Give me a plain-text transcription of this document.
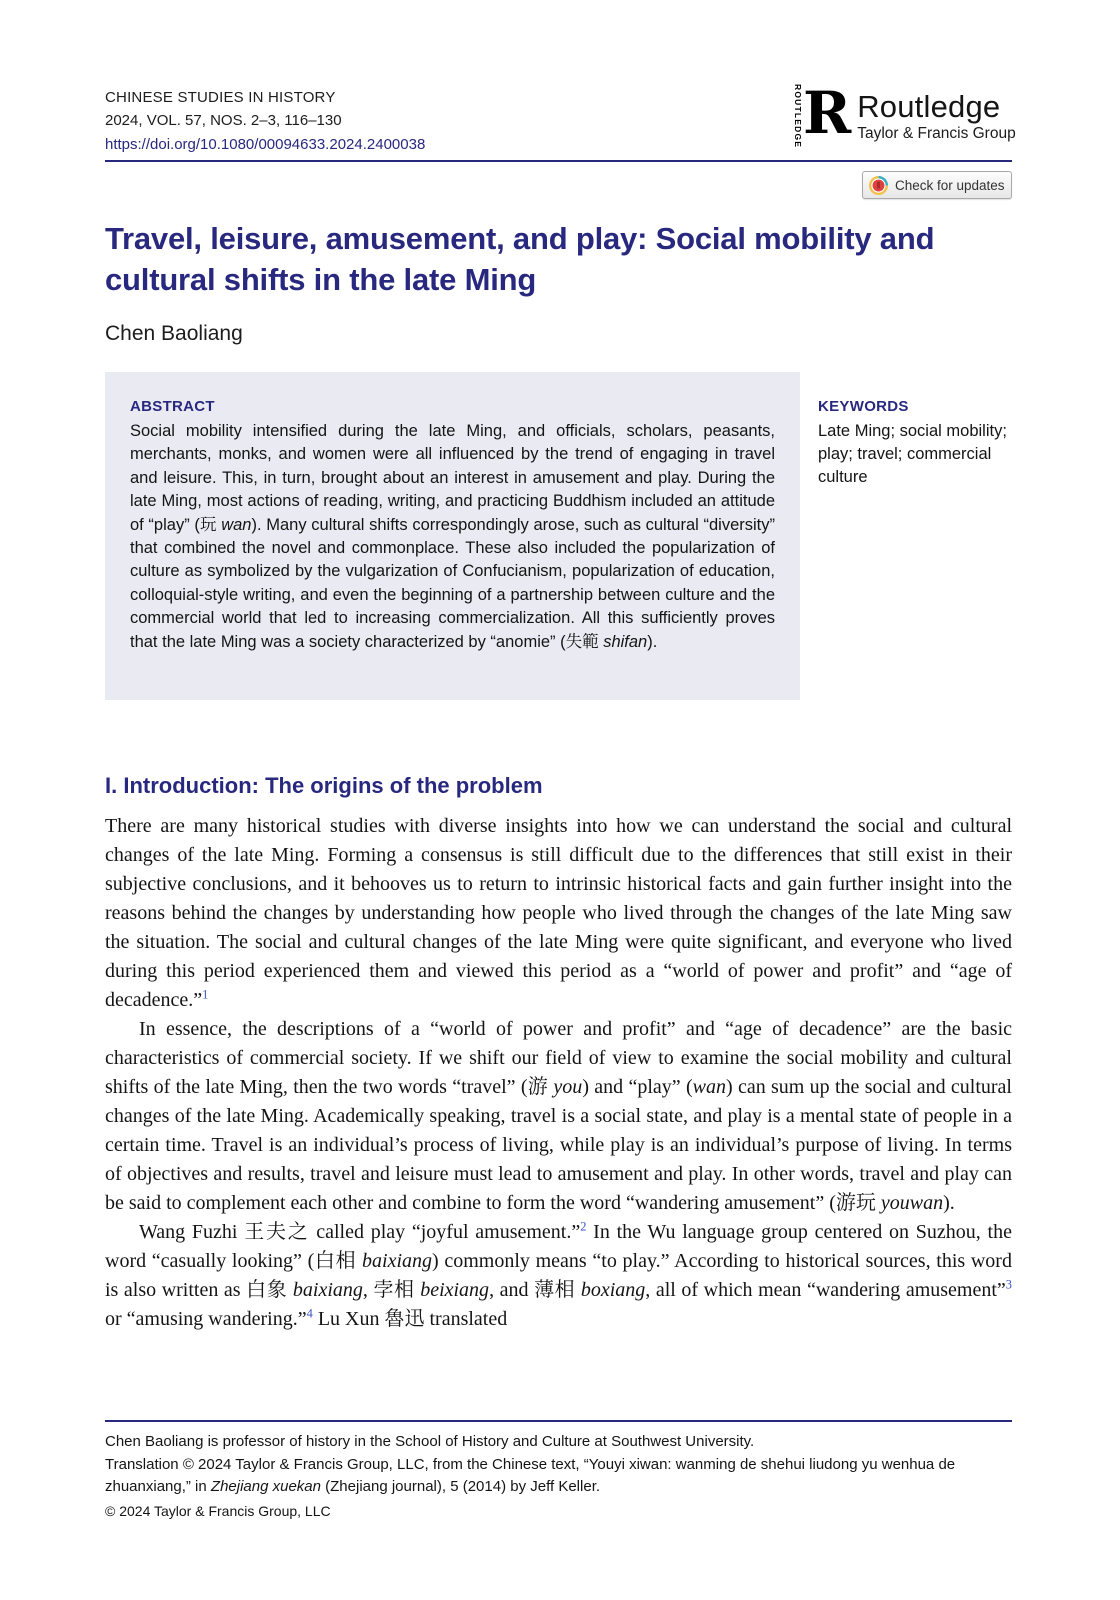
CHINESE STUDIES IN HISTORY
2024, VOL. 57, NOS. 2–3, 116–130
https://doi.org/10.1080/00094633.2024.2400038	ROUTLEDGE R Routledge
Taylor & Francis Group
Check for updates
Travel, leisure, amusement, and play: Social mobility and cultural shifts in the late Ming
Chen Baoliang
ABSTRACT
Social mobility intensified during the late Ming, and officials, scholars, peasants, merchants, monks, and women were all influenced by the trend of engaging in travel and leisure. This, in turn, brought about an interest in amusement and play. During the late Ming, most actions of reading, writing, and practicing Buddhism included an attitude of “play” (玩 wan). Many cultural shifts correspondingly arose, such as cultural “diversity” that combined the novel and commonplace. These also included the popularization of culture as symbolized by the vulgarization of Confucianism, popularization of education, colloquial-style writing, and even the beginning of a partnership between culture and the commercial world that led to increasing commercialization. All this sufficiently proves that the late Ming was a society characterized by “anomie” (失範 shifan).
KEYWORDS
Late Ming; social mobility; play; travel; commercial culture
I. Introduction: The origins of the problem

There are many historical studies with diverse insights into how we can understand the social and cultural changes of the late Ming. Forming a consensus is still difficult due to the differences that still exist in their subjective conclusions, and it behooves us to return to intrinsic historical facts and gain further insight into the reasons behind the changes by understanding how people who lived through the changes of the late Ming saw the situation. The social and cultural changes of the late Ming were quite significant, and everyone who lived during this period experienced them and viewed this period as a “world of power and profit” and “age of decadence.”$^1$

In essence, the descriptions of a “world of power and profit” and “age of decadence” are the basic characteristics of commercial society. If we shift our field of view to examine the social mobility and cultural shifts of the late Ming, then the two words “travel” (游 you) and “play” (wan) can sum up the social and cultural changes of the late Ming. Academically speaking, travel is a social state, and play is a mental state of people in a certain time. Travel is an individual’s process of living, while play is an individual’s purpose of living. In terms of objectives and results, travel and leisure must lead to amusement and play. In other words, travel and play can be said to complement each other and combine to form the word “wandering amusement” (游玩 youwan).

Wang Fuzhi 王夫之 called play “joyful amusement.”$^2$ In the Wu language group centered on Suzhou, the word “casually looking” (白相 baixiang) commonly means “to play.” According to historical sources, this word is also written as 白象 baixiang, 孛相 beixiang, and 薄相 boxiang, all of which mean “wandering amusement”$^3$ or “amusing wandering.”$^4$ Lu Xun 魯迅 translated

Chen Baoliang is professor of history in the School of History and Culture at Southwest University.
Translation © 2024 Taylor & Francis Group, LLC, from the Chinese text, “Youyi xiwan: wanming de shehui liudong yu wenhua de zhuanxiang,” in Zhejiang xuekan (Zhejiang journal), 5 (2014) by Jeff Keller.
© 2024 Taylor & Francis Group, LLC
